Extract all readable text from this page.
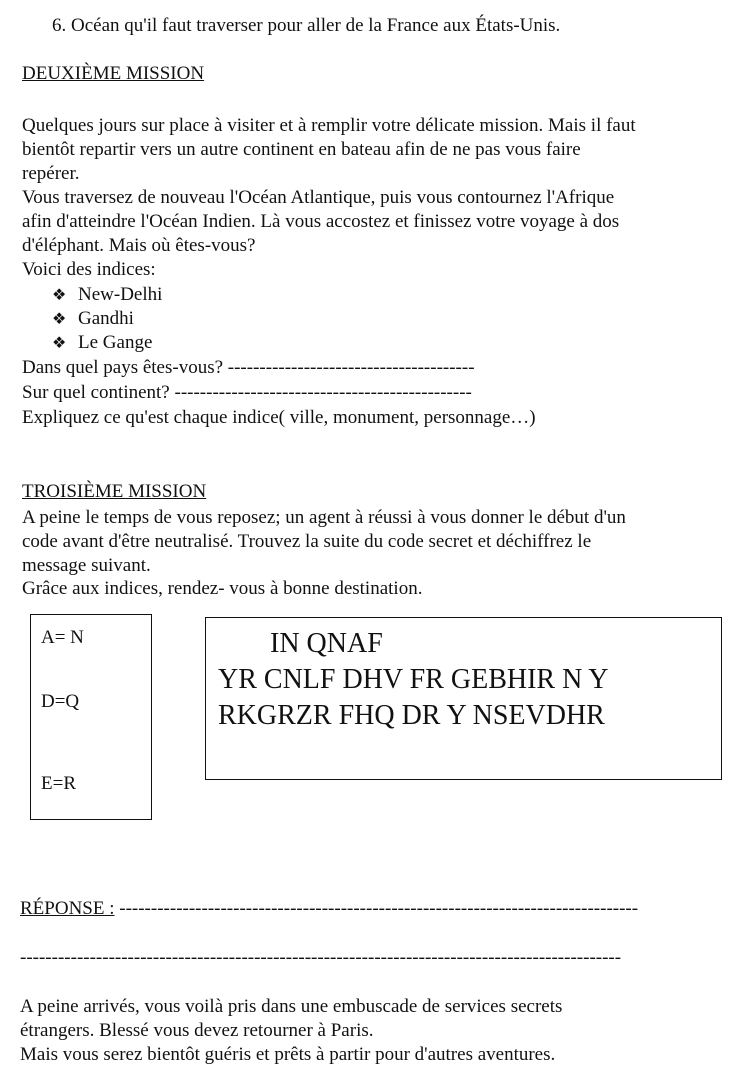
6. Océan qu'il faut traverser pour aller de la France aux États-Unis.
DEUXIÈME MISSION
Quelques jours sur place à visiter et à remplir votre délicate mission. Mais il faut
bientôt repartir vers un autre continent en bateau afin de ne pas vous faire
repérer.
Vous traversez de nouveau l'Océan Atlantique, puis vous contournez l'Afrique
afin d'atteindre l'Océan Indien. Là vous accostez et finissez votre voyage à dos
d'éléphant. Mais où êtes-vous?
Voici des indices:
❖ New-Delhi
❖ Gandhi
❖ Le Gange
Dans quel pays êtes-vous? ---------------------------------------
Sur quel continent? -----------------------------------------------
Expliquez ce qu'est chaque indice( ville, monument, personnage…)
TROISIÈME MISSION
A peine le temps de vous reposez; un agent à réussi à vous donner le début d'un
code avant d'être neutralisé. Trouvez la suite du code secret et déchiffrez le
message suivant.
Grâce aux indices, rendez- vous à bonne destination.
A= N
D=Q
E=R
IN QNAF
YR CNLF DHV FR GEBHIR N Y
RKGRZR FHQ DR Y NSEVDHR
RÉPONSE : ----------------------------------------------------------------------------------
-----------------------------------------------------------------------------------------------
A peine arrivés, vous voilà pris dans une embuscade de services secrets
étrangers. Blessé vous devez retourner à Paris.
Mais vous serez bientôt guéris et prêts à partir pour d'autres aventures.
